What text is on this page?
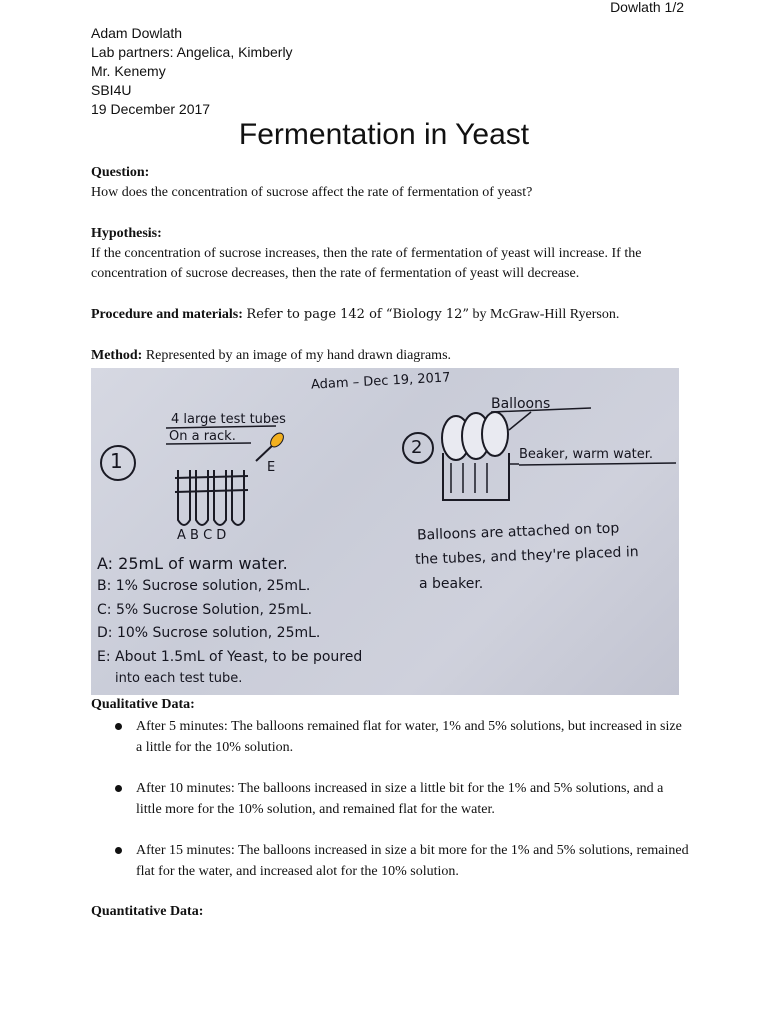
Dowlath 1/2
Adam Dowlath
Lab partners: Angelica, Kimberly
Mr. Kenemy
SBI4U
19 December 2017
Fermentation in Yeast
Question:
How does the concentration of sucrose affect the rate of fermentation of yeast?
Hypothesis:
If the concentration of sucrose increases, then the rate of fermentation of yeast will increase. If the concentration of sucrose decreases, then the rate of fermentation of yeast will decrease.
Procedure and materials: Refer to page 142 of “Biology 12” by McGraw-Hill Ryerson.
Method: Represented by an image of my hand drawn diagrams.
Adam – Dec 19, 2017
1
4 large test tubes
On a rack.
E
A B C D
2
Balloons
Beaker, warm water.
Balloons are attached on top
the tubes, and they're placed in
a beaker.
A: 25mL of warm water.
B: 1% Sucrose solution, 25mL.
C: 5% Sucrose Solution, 25mL.
D: 10% Sucrose solution, 25mL.
E: About 1.5mL of Yeast, to be poured
into each test tube.
Qualitative Data:
After 5 minutes: The balloons remained flat for water, 1% and 5% solutions, but increased in size a little for the 10% solution.
After 10 minutes: The balloons increased in size a little bit for the 1% and 5% solutions, and a little more for the 10% solution, and remained flat for the water.
After 15 minutes: The balloons increased in size a bit more for the 1% and 5% solutions, remained flat for the water, and increased alot for the 10% solution.
Quantitative Data:
